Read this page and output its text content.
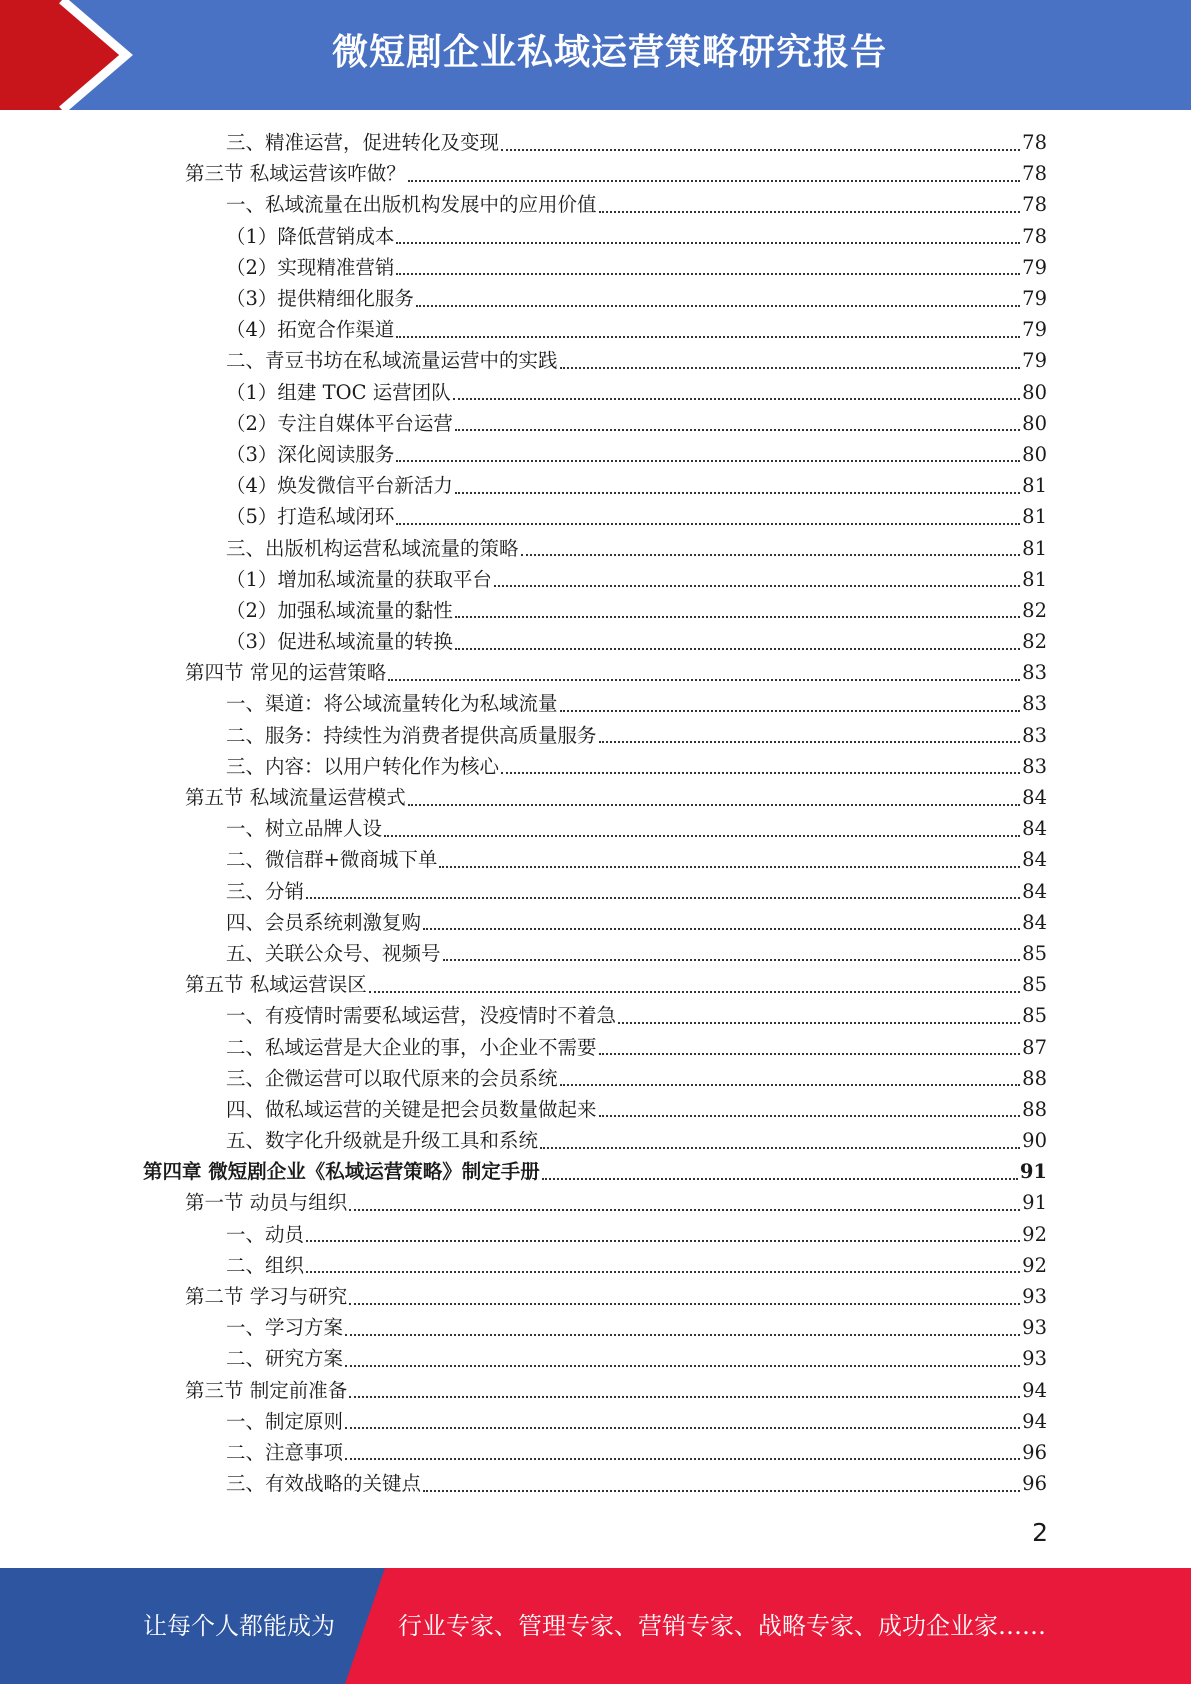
微短剧企业私域运营策略研究报告
三、精准运营，促进转化及变现	78
第三节 私域运营该咋做？	78
一、私域流量在出版机构发展中的应用价值	78
（1）降低营销成本	78
（2）实现精准营销	79
（3）提供精细化服务	79
（4）拓宽合作渠道	79
二、青豆书坊在私域流量运营中的实践	79
（1）组建 TOC 运营团队	80
（2）专注自媒体平台运营	80
（3）深化阅读服务	80
（4）焕发微信平台新活力	81
（5）打造私域闭环	81
三、出版机构运营私域流量的策略	81
（1）增加私域流量的获取平台	81
（2）加强私域流量的黏性	82
（3）促进私域流量的转换	82
第四节 常见的运营策略	83
一、渠道：将公域流量转化为私域流量	83
二、服务：持续性为消费者提供高质量服务	83
三、内容：以用户转化作为核心	83
第五节 私域流量运营模式	84
一、树立品牌人设	84
二、微信群+微商城下单	84
三、分销	84
四、会员系统刺激复购	84
五、关联公众号、视频号	85
第五节 私域运营误区	85
一、有疫情时需要私域运营，没疫情时不着急	85
二、私域运营是大企业的事，小企业不需要	87
三、企微运营可以取代原来的会员系统	88
四、做私域运营的关键是把会员数量做起来	88
五、数字化升级就是升级工具和系统	90
第四章 微短剧企业《私域运营策略》制定手册	91
第一节 动员与组织	91
一、动员	92
二、组织	92
第二节 学习与研究	93
一、学习方案	93
二、研究方案	93
第三节 制定前准备	94
一、制定原则	94
二、注意事项	96
三、有效战略的关键点	96
2
让每个人都能成为	行业专家、管理专家、营销专家、战略专家、成功企业家……
